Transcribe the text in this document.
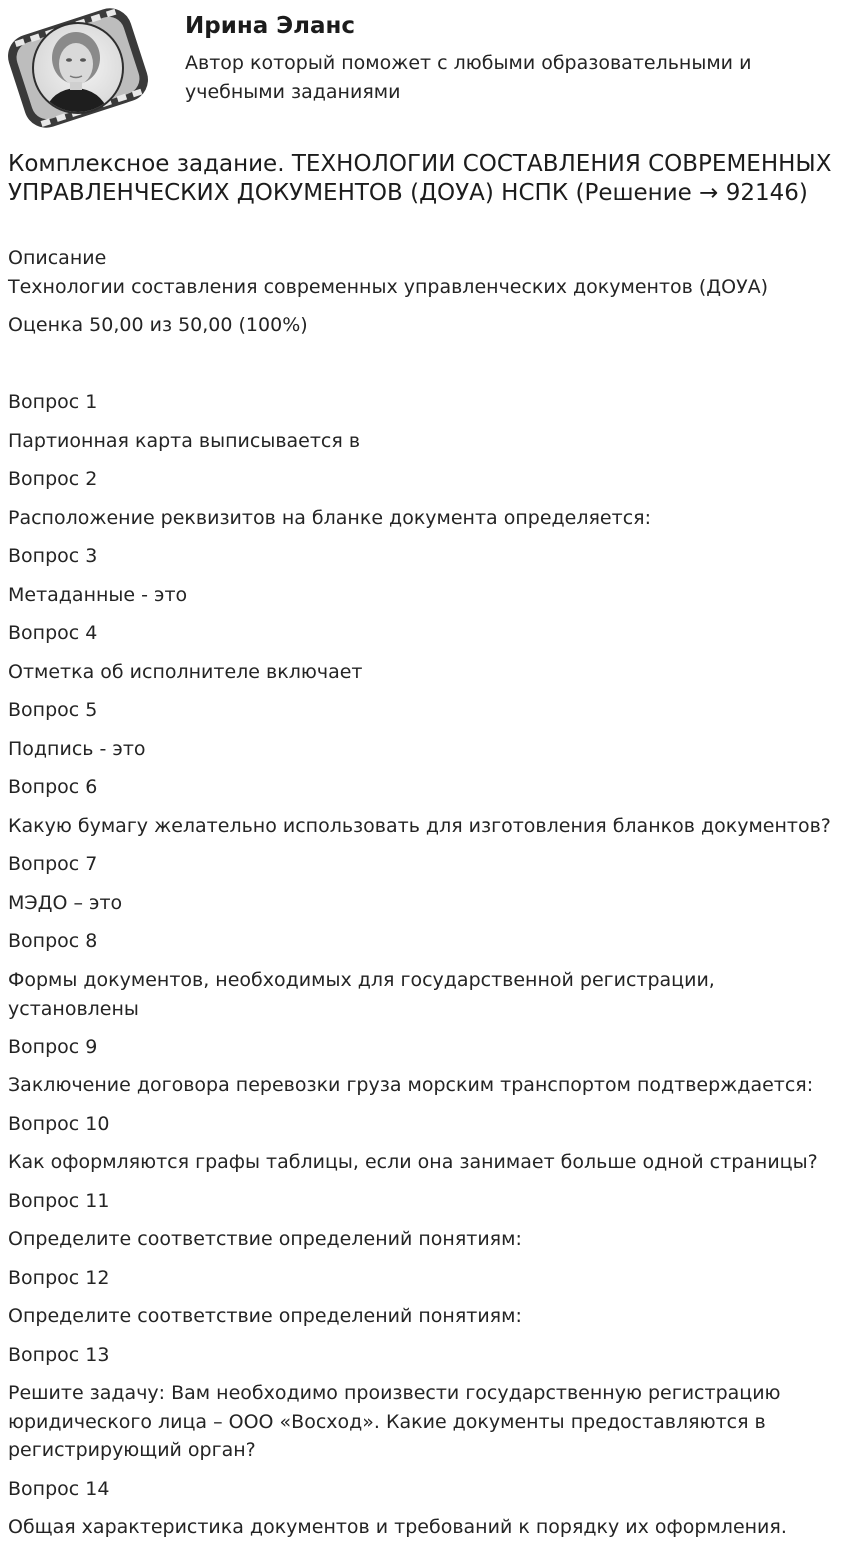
Ирина Эланс
Автор который поможет с любыми образовательными и учебными заданиями
Комплексное задание. ТЕХНОЛОГИИ СОСТАВЛЕНИЯ СОВРЕМЕННЫХ УПРАВЛЕНЧЕСКИХ ДОКУМЕНТОВ (ДОУА) НСПК (Решение → 92146)
Описание
Технологии составления современных управленческих документов (ДОУА)
Оценка 50,00 из 50,00 (100%)
Вопрос 1
Партионная карта выписывается в
Вопрос 2
Расположение реквизитов на бланке документа определяется:
Вопрос 3
Метаданные - это
Вопрос 4
Отметка об исполнителе включает
Вопрос 5
Подпись - это
Вопрос 6
Какую бумагу желательно использовать для изготовления бланков документов?
Вопрос 7
МЭДО – это
Вопрос 8
Формы документов, необходимых для государственной регистрации, установлены
Вопрос 9
Заключение договора перевозки груза морским транспортом подтверждается:
Вопрос 10
Как оформляются графы таблицы, если она занимает больше одной страницы?
Вопрос 11
Определите соответствие определений понятиям:
Вопрос 12
Определите соответствие определений понятиям:
Вопрос 13
Решите задачу: Вам необходимо произвести государственную регистрацию юридического лица – ООО «Восход». Какие документы предоставляются в регистрирующий орган?
Вопрос 14
Общая характеристика документов и требований к порядку их оформления.
